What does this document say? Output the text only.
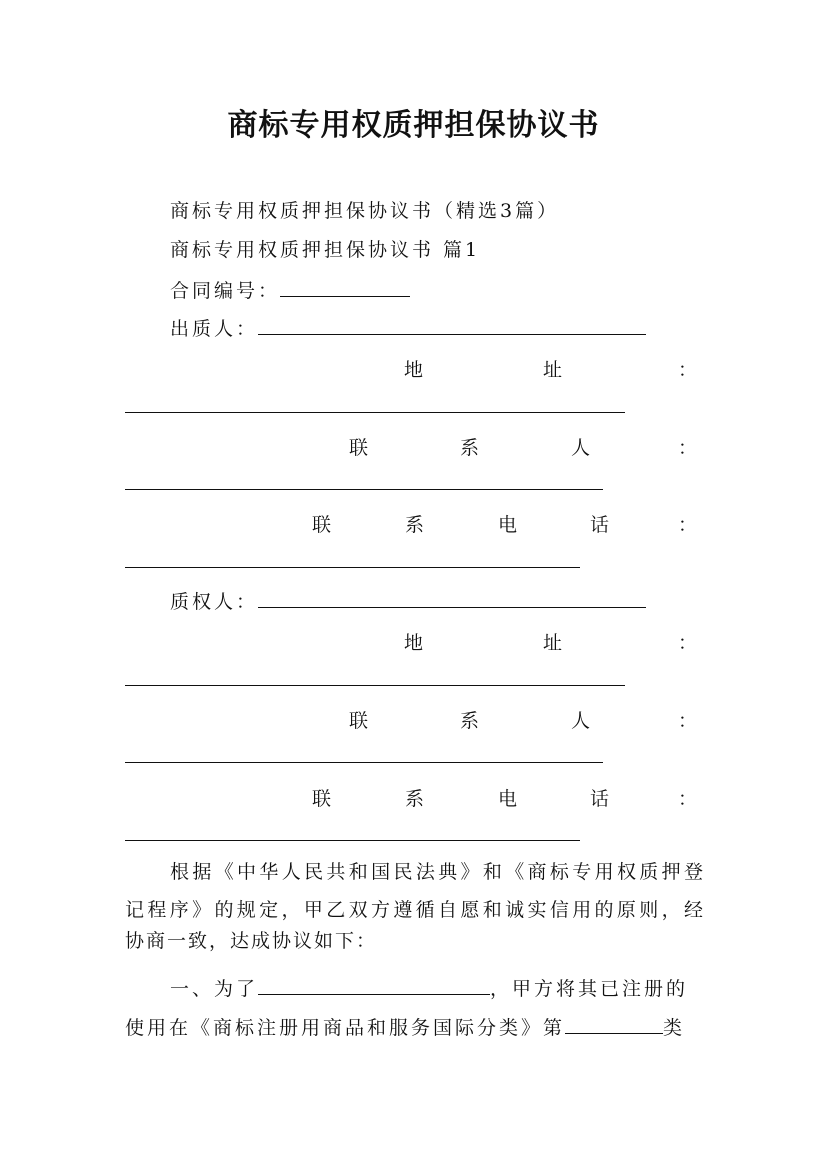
商标专用权质押担保协议书
商标专用权质押担保协议书（精选3篇）
商标专用权质押担保协议书 篇1
合同编号：
出质人：
地	址	：
联	系	人	：
联	系	电	话	：
质权人：
地	址	：
联	系	人	：
联	系	电	话	：
根据《中华人民共和国民法典》和《商标专用权质押登
记程序》的规定，甲乙双方遵循自愿和诚实信用的原则，经
协商一致，达成协议如下：
一、为了	，甲方将其已注册的
使用在《商标注册用商品和服务国际分类》第	类
